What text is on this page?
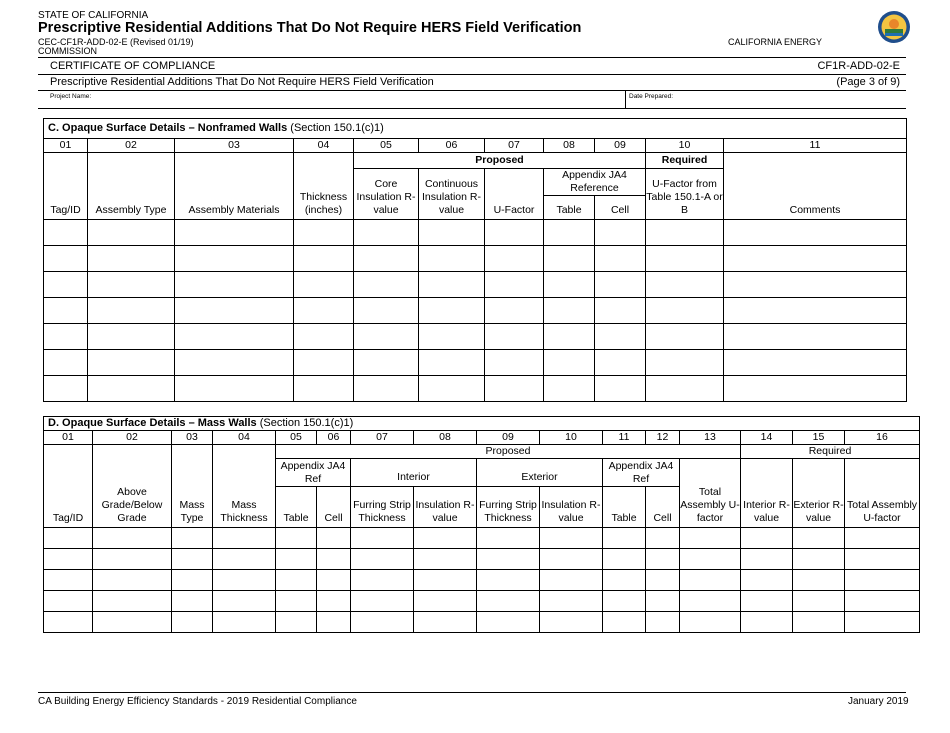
STATE OF CALIFORNIA
Prescriptive Residential Additions That Do Not Require HERS Field Verification
CEC-CF1R-ADD-02-E (Revised 01/19)
COMMISSION
CALIFORNIA ENERGY
CERTIFICATE OF COMPLIANCE	CF1R-ADD-02-E
Prescriptive Residential Additions That Do Not Require HERS Field Verification	(Page 3 of 9)
Project Name:	Date Prepared:
C. Opaque Surface Details – Nonframed Walls (Section 150.1(c)1)										
01	02	03	04	05	06	07	08	09	10	11
Tag/ID	Assembly Type	Assembly Materials	Thickness (inches)	Proposed					Required	Comments
				Core Insulation R-value	Continuous Insulation R-value	U-Factor	Appendix JA4 Reference		U-Factor from Table 150.1-A or B	
							Table	Cell		

D. Opaque Surface Details – Mass Walls (Section 150.1(c)1)															
01	02	03	04	05	06	07	08	09	10	11	12	13	14	15	16
Tag/ID	Above Grade/Below Grade	Mass Type	Mass Thickness	Proposed									Required		
				Appendix JA4 Ref		Interior		Exterior		Appendix JA4 Ref		Total Assembly U-factor	Interior R-value	Exterior R-value	Total Assembly U-factor
				Table	Cell	Furring Strip Thickness	Insulation R-value	Furring Strip Thickness	Insulation R-value	Table	Cell				

CA Building Energy Efficiency Standards - 2019 Residential Compliance	January 2019
